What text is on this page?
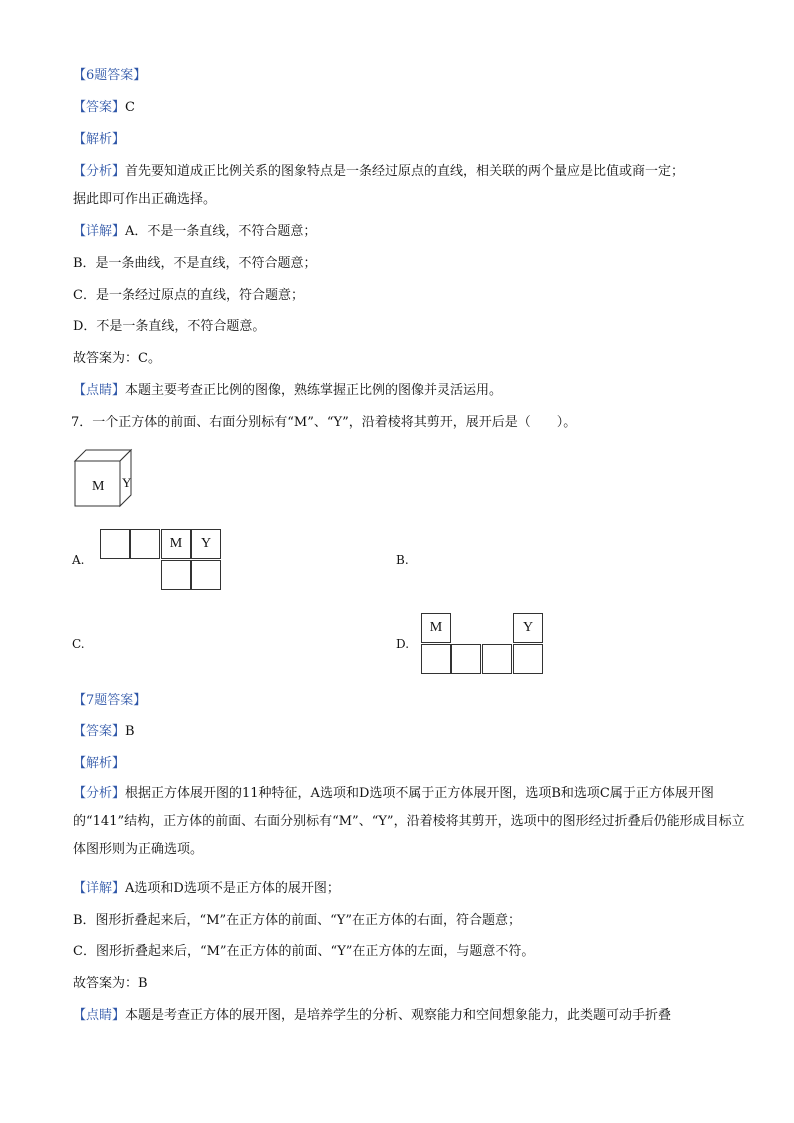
【6题答案】
【答案】C
【解析】
【分析】首先要知道成正比例关系的图象特点是一条经过原点的直线，相关联的两个量应是比值或商一定；
据此即可作出正确选择。
【详解】A．不是一条直线，不符合题意；
B．是一条曲线，不是直线，不符合题意；
C．是一条经过原点的直线，符合题意；
D．不是一条直线，不符合题意。
故答案为：C。
【点睛】本题主要考查正比例的图像，熟练掌握正比例的图像并灵活运用。
7．一个正方体的前面、右面分别标有“M”、“Y”，沿着棱将其剪开，展开后是（　　）。
M Y
A.
M	Y
B.
C.	D.
M	Y
【7题答案】
【答案】B
【解析】
【分析】根据正方体展开图的11种特征，A选项和D选项不属于正方体展开图，选项B和选项C属于正方体展开图的“141”结构，正方体的前面、右面分别标有“M”、“Y”，沿着棱将其剪开，选项中的图形经过折叠后仍能形成目标立体图形则为正确选项。
【详解】A选项和D选项不是正方体的展开图；
B．图形折叠起来后，“M”在正方体的前面、“Y”在正方体的右面，符合题意；
C．图形折叠起来后，“M”在正方体的前面、“Y”在正方体的左面，与题意不符。
故答案为：B
【点睛】本题是考查正方体的展开图，是培养学生的分析、观察能力和空间想象能力，此类题可动手折叠
